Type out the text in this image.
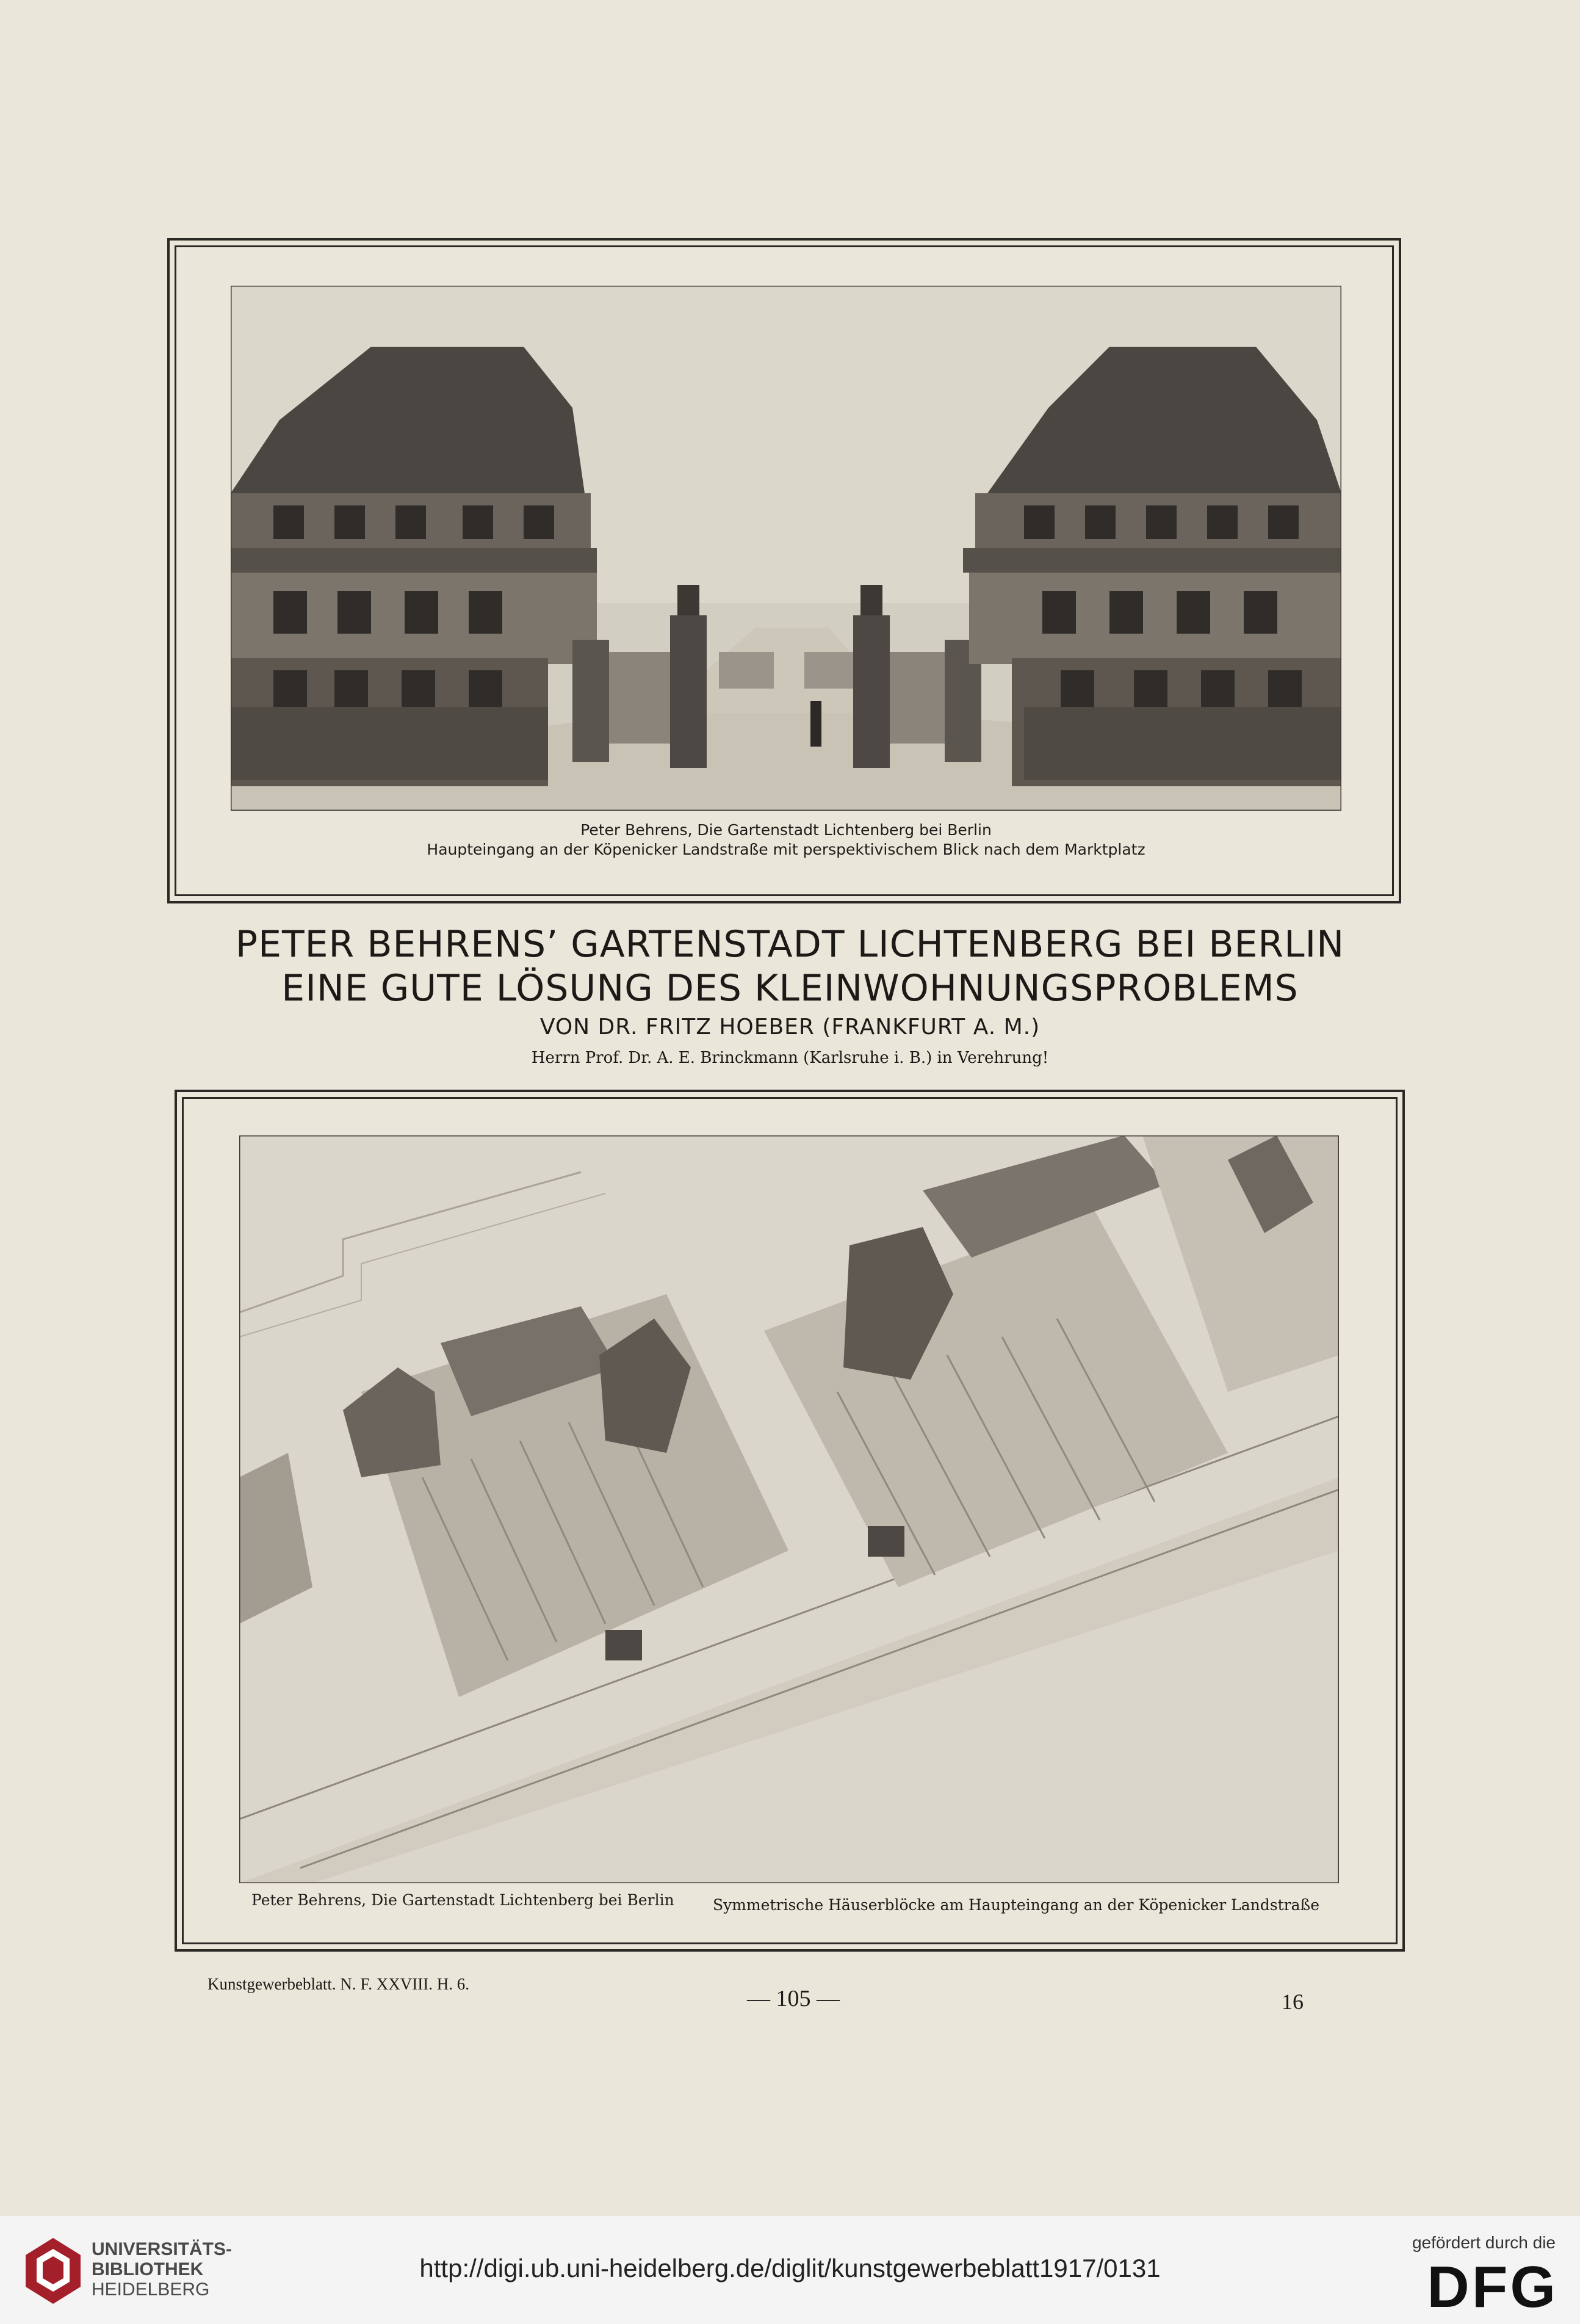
Peter Behrens, Die Gartenstadt Lichtenberg bei Berlin
Haupteingang an der Köpenicker Landstraße mit perspektivischem Blick nach dem Marktplatz
PETER BEHRENS’ GARTENSTADT LICHTENBERG BEI BERLIN
EINE GUTE LÖSUNG DES KLEINWOHNUNGSPROBLEMS
VON DR. FRITZ HOEBER (FRANKFURT A. M.)
Herrn Prof. Dr. A. E. Brinckmann (Karlsruhe i. B.) in Verehrung!
Peter Behrens, Die Gartenstadt Lichtenberg bei Berlin	Symmetrische Häuserblöcke am Haupteingang an der Köpenicker Landstraße
Kunstgewerbeblatt. N. F. XXVIII. H. 6.
— 105 —	16
UNIVERSITÄTS-
BIBLIOTHEK
HEIDELBERG
http://digi.ub.uni-heidelberg.de/diglit/kunstgewerbeblatt1917/0131
gefördert durch die
DFG
